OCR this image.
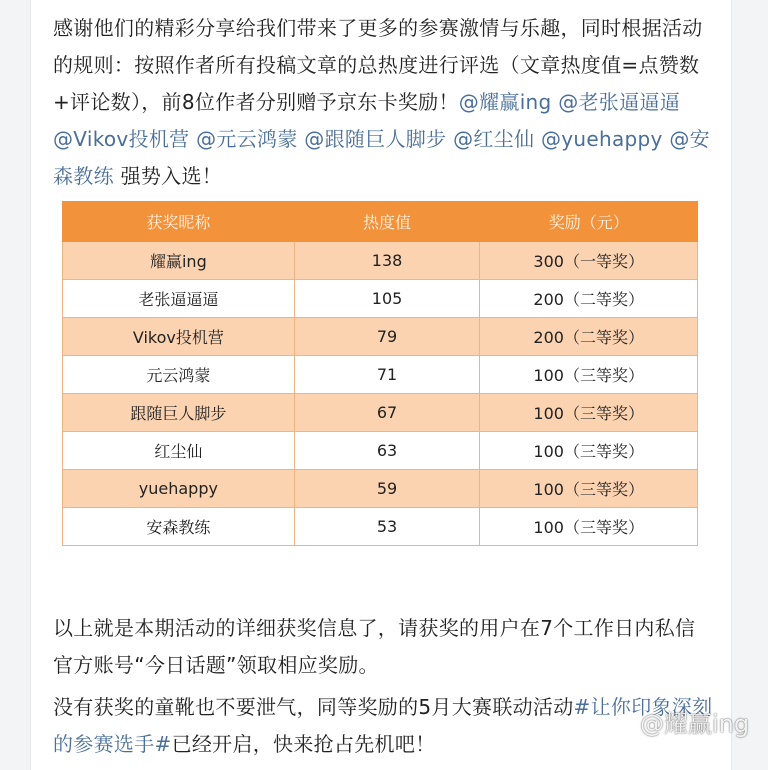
感谢他们的精彩分享给我们带来了更多的参赛激情与乐趣，同时根据活动的规则：按照作者所有投稿文章的总热度进行评选（文章热度值=点赞数+评论数），前8位作者分别赠予京东卡奖励！@耀赢ing @老张逼逼逼 @Vikov投机营 @元云鸿蒙 @跟随巨人脚步 @红尘仙 @yuehappy @安森教练 强势入选！

获奖昵称	热度值	奖励（元）
耀赢ing	138	300（一等奖）
老张逼逼逼	105	200（二等奖）
Vikov投机营	79	200（二等奖）
元云鸿蒙	71	100（三等奖）
跟随巨人脚步	67	100（三等奖）
红尘仙	63	100（三等奖）
yuehappy	59	100（三等奖）
安森教练	53	100（三等奖）

以上就是本期活动的详细获奖信息了，请获奖的用户在7个工作日内私信官方账号“今日话题”领取相应奖励。

没有获奖的童靴也不要泄气，同等奖励的5月大赛联动活动#让你印象深刻的参赛选手#已经开启，快来抢占先机吧！

@耀赢ing
